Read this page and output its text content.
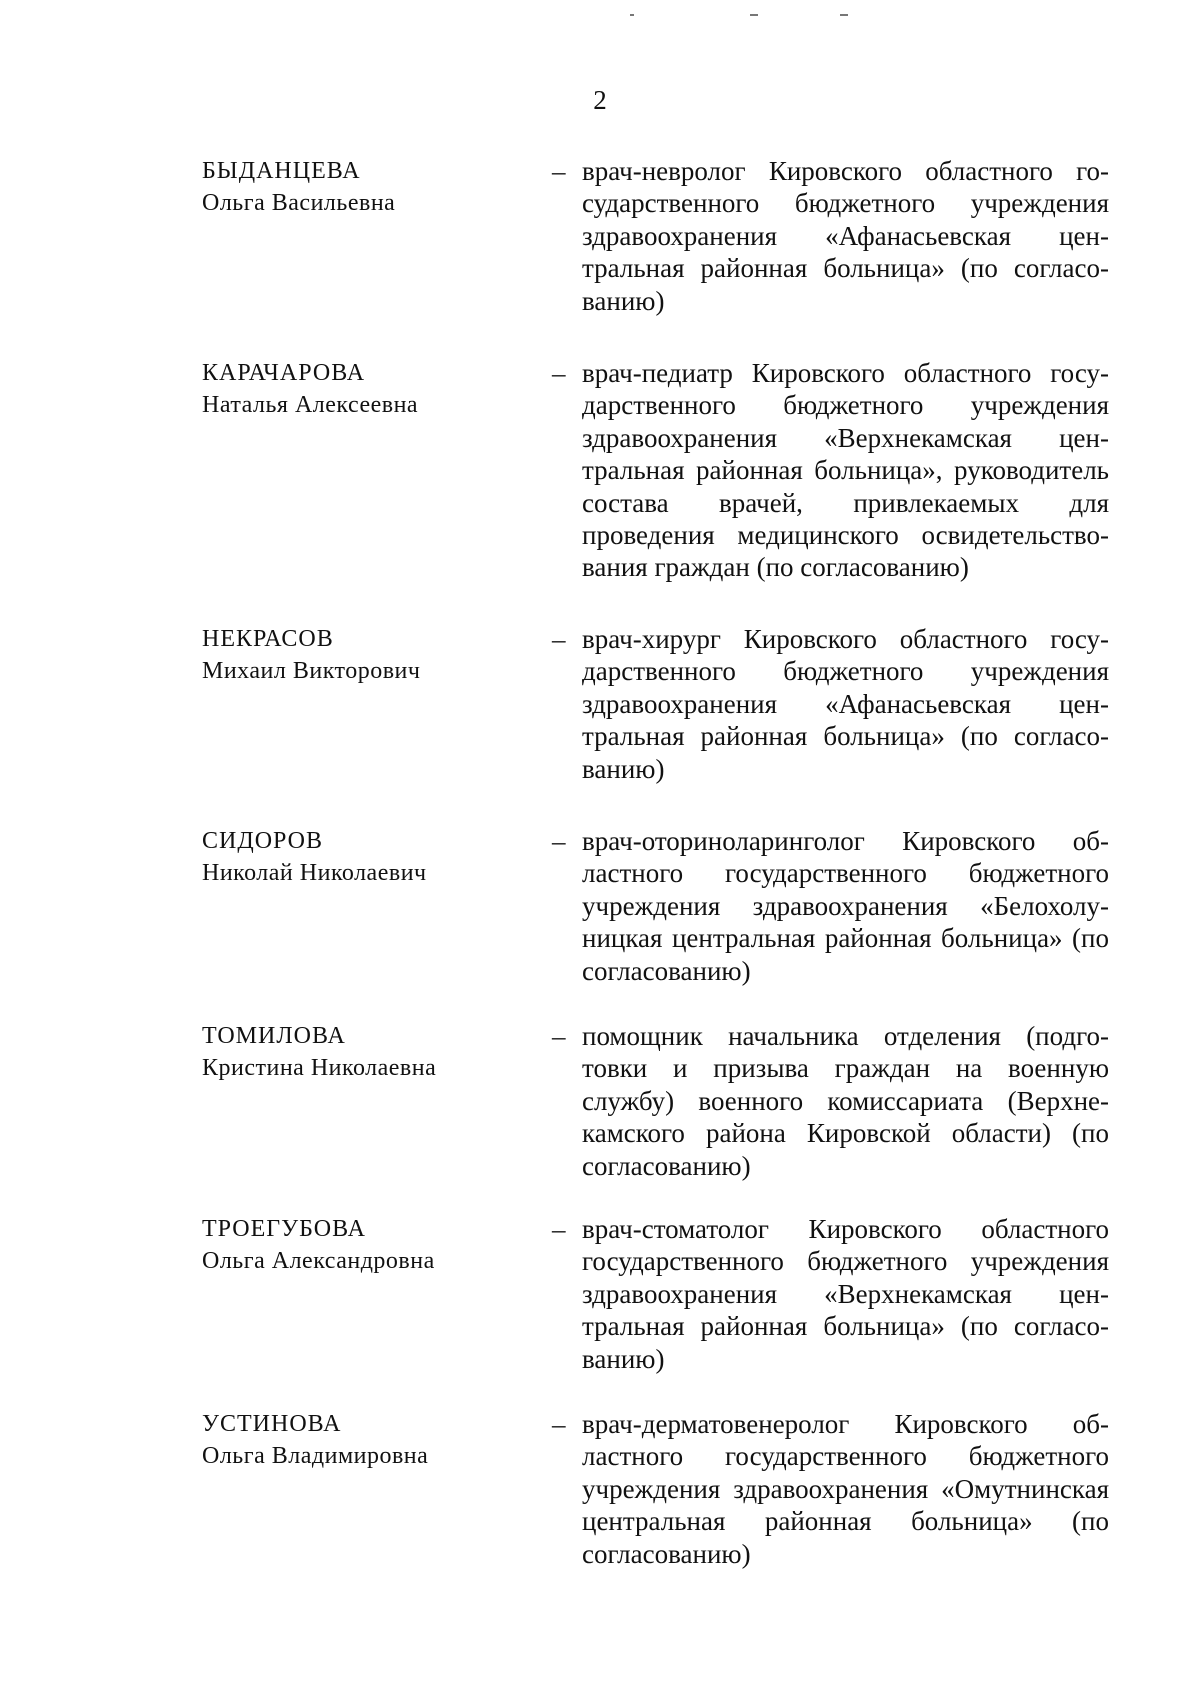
2
БЫДАНЦЕВА
Ольга Васильевна
– врач-невролог Кировского областного государственного бюджетного учреждения здравоохранения «Афанасьевская центральная районная больница» (по согласованию)
КАРАЧАРОВА
Наталья Алексеевна
– врач-педиатр Кировского областного государственного бюджетного учреждения здравоохранения «Верхнекамская центральная районная больница», руководитель состава врачей, привлекаемых для проведения медицинского освидетельствования граждан (по согласованию)
НЕКРАСОВ
Михаил Викторович
– врач-хирург Кировского областного государственного бюджетного учреждения здравоохранения «Афанасьевская центральная районная больница» (по согласованию)
СИДОРОВ
Николай Николаевич
– врач-оториноларинголог Кировского областного государственного бюджетного учреждения здравоохранения «Белохолуницкая центральная районная больница» (по согласованию)
ТОМИЛОВА
Кристина Николаевна
– помощник начальника отделения (подготовки и призыва граждан на военную службу) военного комиссариата (Верхнекамского района Кировской области) (по согласованию)
ТРОЕГУБОВА
Ольга Александровна
– врач-стоматолог Кировского областного государственного бюджетного учреждения здравоохранения «Верхнекамская центральная районная больница» (по согласованию)
УСТИНОВА
Ольга Владимировна
– врач-дерматовенеролог Кировского областного государственного бюджетного учреждения здравоохранения «Омутнинская центральная районная больница» (по согласованию)
